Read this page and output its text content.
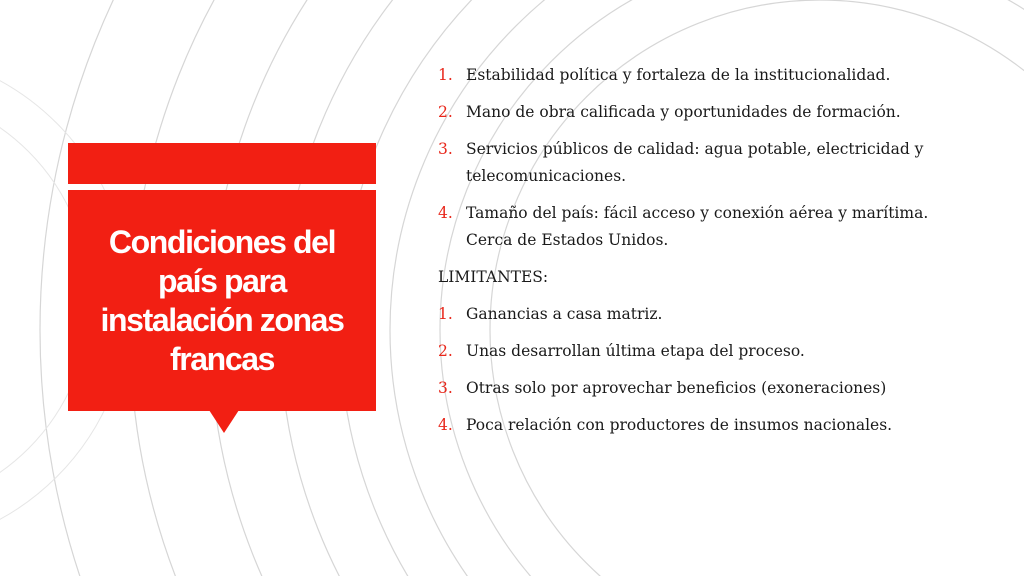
Condiciones del país para instalación zonas francas
1. Estabilidad política y fortaleza de la institucionalidad.
2. Mano de obra calificada y oportunidades de formación.
3. Servicios públicos de calidad: agua potable, electricidad y telecomunicaciones.
4. Tamaño del país: fácil acceso y conexión aérea y marítima. Cerca de Estados Unidos.

LIMITANTES:

1. Ganancias a casa matriz.
2. Unas desarrollan última etapa del proceso.
3. Otras solo por aprovechar beneficios (exoneraciones)
4. Poca relación con productores de insumos nacionales.
